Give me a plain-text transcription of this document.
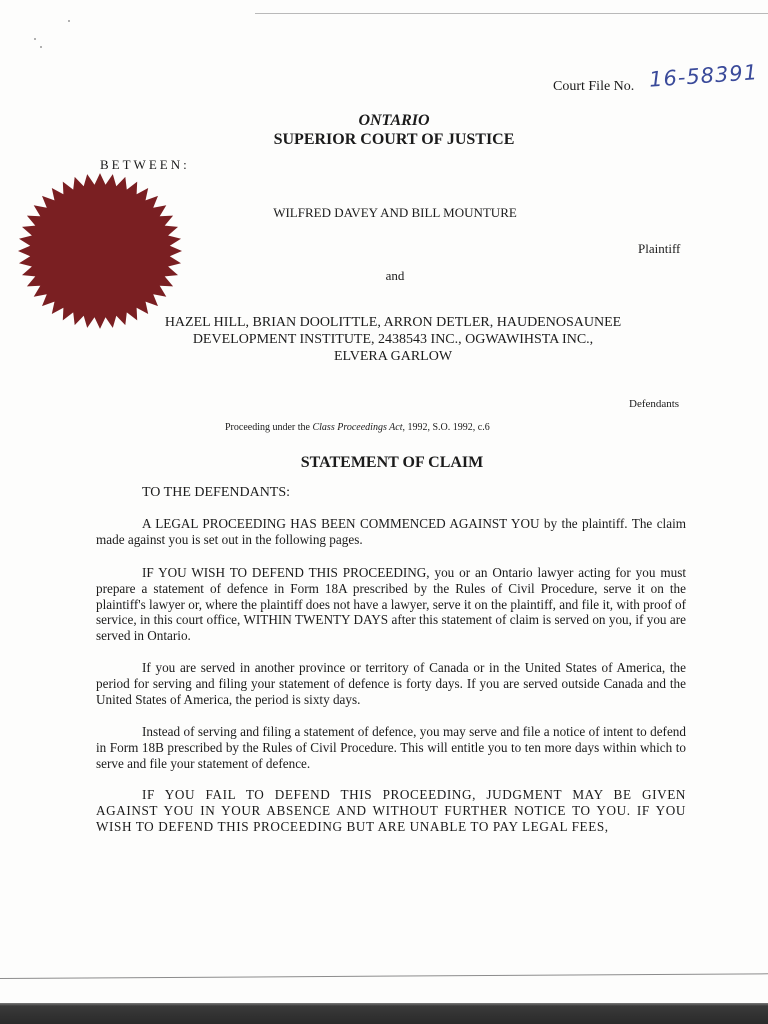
Court File No. 16-58391
ONTARIO
SUPERIOR COURT OF JUSTICE
BETWEEN:
WILFRED DAVEY AND BILL MOUNTURE
Plaintiff
and
HAZEL HILL, BRIAN DOOLITTLE, ARRON DETLER, HAUDENOSAUNEE
DEVELOPMENT INSTITUTE, 2438543 INC., OGWAWIHSTA INC.,
ELVERA GARLOW
Defendants
Proceeding under the Class Proceedings Act, 1992, S.O. 1992, c.6
STATEMENT OF CLAIM
TO THE DEFENDANTS:
A LEGAL PROCEEDING HAS BEEN COMMENCED AGAINST YOU by the plaintiff. The claim made against you is set out in the following pages.
IF YOU WISH TO DEFEND THIS PROCEEDING, you or an Ontario lawyer acting for you must prepare a statement of defence in Form 18A prescribed by the Rules of Civil Procedure, serve it on the plaintiff's lawyer or, where the plaintiff does not have a lawyer, serve it on the plaintiff, and file it, with proof of service, in this court office, WITHIN TWENTY DAYS after this statement of claim is served on you, if you are served in Ontario.
If you are served in another province or territory of Canada or in the United States of America, the period for serving and filing your statement of defence is forty days. If you are served outside Canada and the United States of America, the period is sixty days.
Instead of serving and filing a statement of defence, you may serve and file a notice of intent to defend in Form 18B prescribed by the Rules of Civil Procedure. This will entitle you to ten more days within which to serve and file your statement of defence.
IF YOU FAIL TO DEFEND THIS PROCEEDING, JUDGMENT MAY BE GIVEN AGAINST YOU IN YOUR ABSENCE AND WITHOUT FURTHER NOTICE TO YOU. IF YOU WISH TO DEFEND THIS PROCEEDING BUT ARE UNABLE TO PAY LEGAL FEES,
